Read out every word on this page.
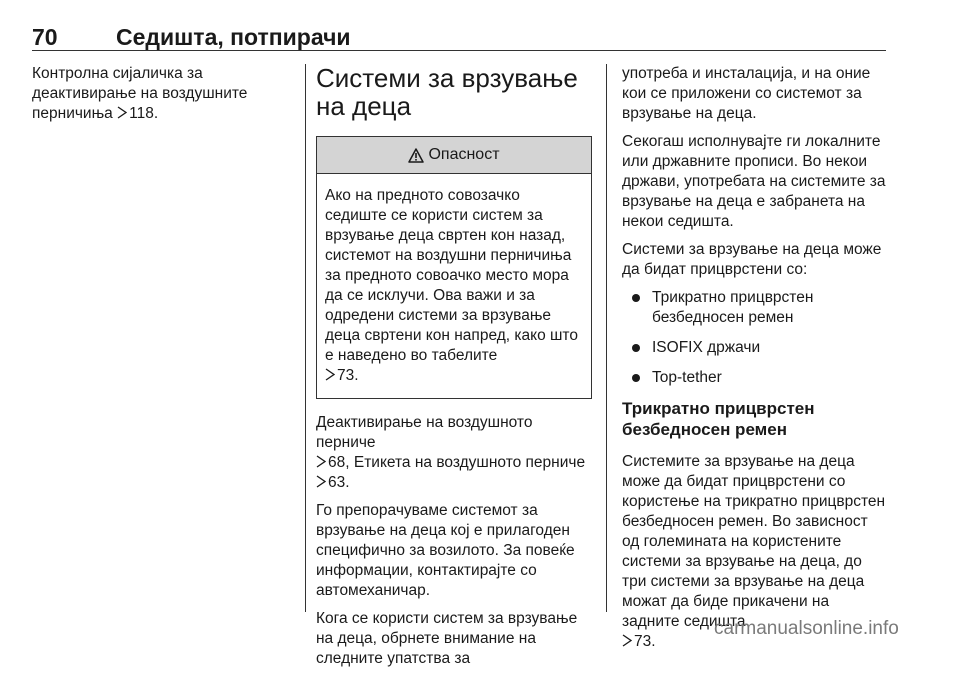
70	Седишта, потпирачи

Контролна сијаличка за деактивирање на воздушните перничиња 118.

Системи за врзување
на деца
Опасност

Ако на предното совозачко седиште се користи систем за врзување деца свртен кон назад, системот на воздушни перничиња за предното совоачко место мора да се исклучи. Ова важи и за одредени системи за врзување деца свртени кон напред, како што е наведено во табелите
73.

Деактивирање на воздушното перниче 68, Етикета на воздушното перниче 63.

Го препорачуваме системот за врзување на деца кој е прилагоден специфично за возилото. За повеќе информации, контактирајте со автомеханичар.

Кога се користи систем за врзување на деца, обрнете внимание на следните упатства за

употреба и инсталација, и на оние кои се приложени со системот за врзување на деца.

Секогаш исполнувајте ги локалните или државните прописи. Во некои држави, употребата на системите за врзување на деца е забранета на некои седишта.

Системи за врзување на деца може да бидат прицврстени со:

Трикратно прицврстен безбедносен ремен
ISOFIX држачи
Top-tether
Трикратно прицврстен безбедносен ремен

Системите за врзување на деца може да бидат прицврстени со користење на трикратно прицврстен безбедносен ремен. Во зависност од големината на користените системи за врзување на деца, до три системи за врзување на деца можат да биде прикачени на задните седишта
73.

carmanualsonline.info
